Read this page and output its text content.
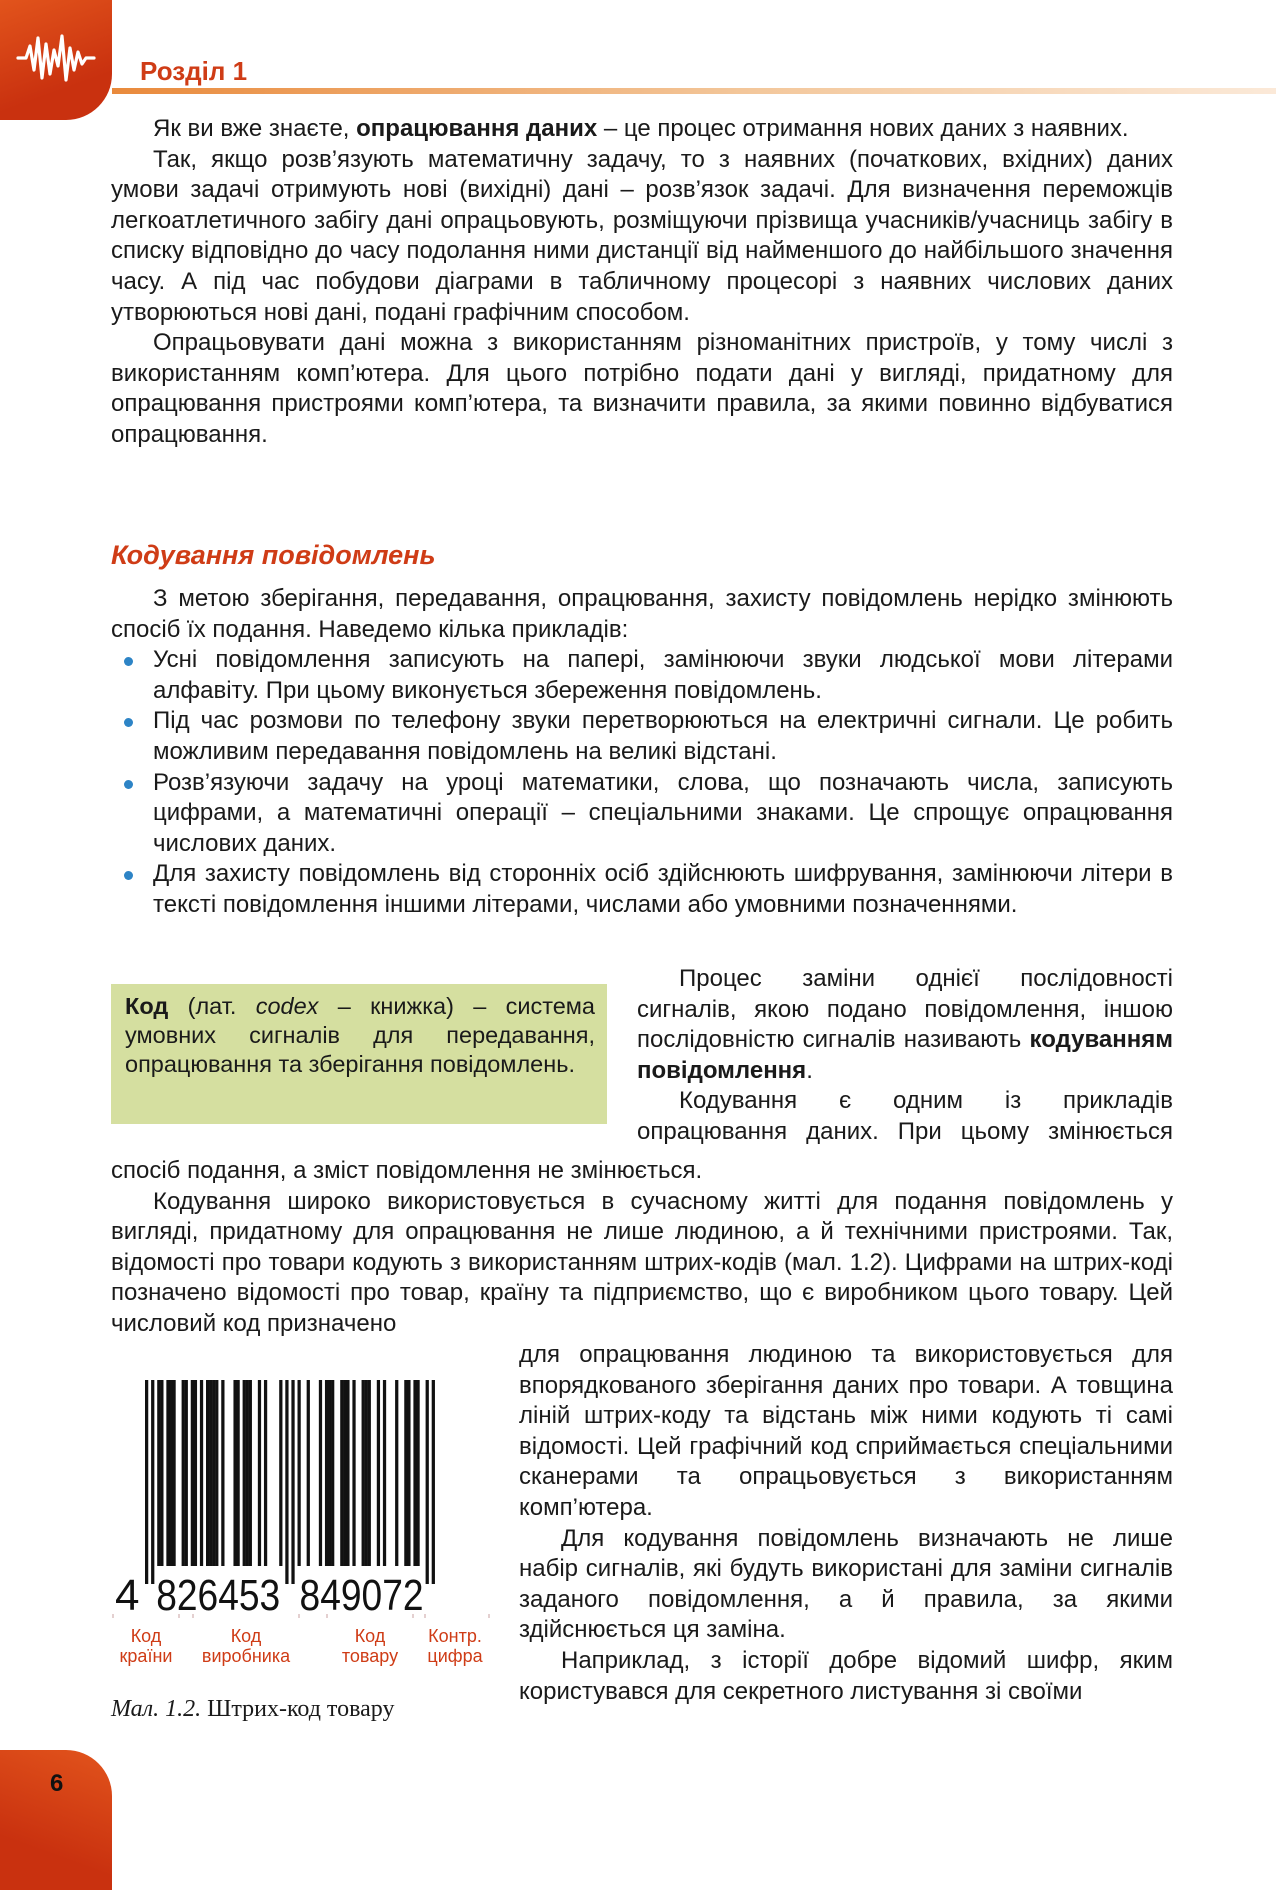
Розділ 1

Як ви вже знаєте, опрацювання даних – це процес отримання нових даних з наявних.

Так, якщо розв’язують математичну задачу, то з наявних (початкових, вхідних) даних умови задачі отримують нові (вихідні) дані – розв’язок задачі. Для визначення переможців легкоатлетичного забігу дані опрацьовують, розміщуючи прізвища учасників/учасниць забігу в списку відповідно до часу подолання ними дистанції від найменшого до найбільшого значення часу. А під час побудови діаграми в табличному процесорі з наявних числових даних утворюються нові дані, подані графічним способом.

Опрацьовувати дані можна з використанням різноманітних пристроїв, у тому числі з використанням комп’ютера. Для цього потрібно подати дані у вигляді, придатному для опрацювання пристроями комп’ютера, та визначити правила, за якими повинно відбуватися опрацювання.

Кодування повідомлень

З метою зберігання, передавання, опрацювання, захисту повідомлень нерідко змінюють спосіб їх подання. Наведемо кілька прикладів:

Усні повідомлення записують на папері, замінюючи звуки людської мови літерами алфавіту. При цьому виконується збереження повідомлень.
Під час розмови по телефону звуки перетворюються на електричні сигнали. Це робить можливим передавання повідомлень на великі відстані.
Розв’язуючи задачу на уроці математики, слова, що позначають числа, записують цифрами, а математичні операції – спеціальними знаками. Це спрощує опрацювання числових даних.
Для захисту повідомлень від сторонніх осіб здійснюють шифрування, замінюючи літери в тексті повідомлення іншими літерами, числами або умовними позначеннями.

Код (лат. codex – книжка) – система умовних сигналів для передавання, опрацювання та зберігання повідомлень.

Процес заміни однієї послідовності сигналів, якою подано повідомлення, іншою послідовністю сигналів називають кодуванням повідомлення.

Кодування є одним із прикладів опрацювання даних. При цьому змінюється

спосіб подання, а зміст повідомлення не змінюється.

Кодування широко використовується в сучасному житті для подання повідомлень у вигляді, придатному для опрацювання не лише людиною, а й технічними пристроями. Так, відомості про товари кодують з використанням штрих-кодів (мал. 1.2). Цифрами на штрих-коді позначено відомості про товар, країну та підприємство, що є виробником цього товару. Цей числовий код призначено

4 826453 849072
Код
країни
Код
виробника
Код
товару
Контр.
цифра
Мал. 1.2. Штрих-код товару

для опрацювання людиною та використовується для впорядкованого зберігання даних про товари. А товщина ліній штрих-коду та відстань між ними кодують ті самі відомості. Цей графічний код сприймається спеціальними сканерами та опрацьовується з використанням комп’ютера.

Для кодування повідомлень визначають не лише набір сигналів, які будуть використані для заміни сигналів заданого повідомлення, а й правила, за якими здійснюється ця заміна.

Наприклад, з історії добре відомий шифр, яким користувався для секретного листування зі своїми

6
